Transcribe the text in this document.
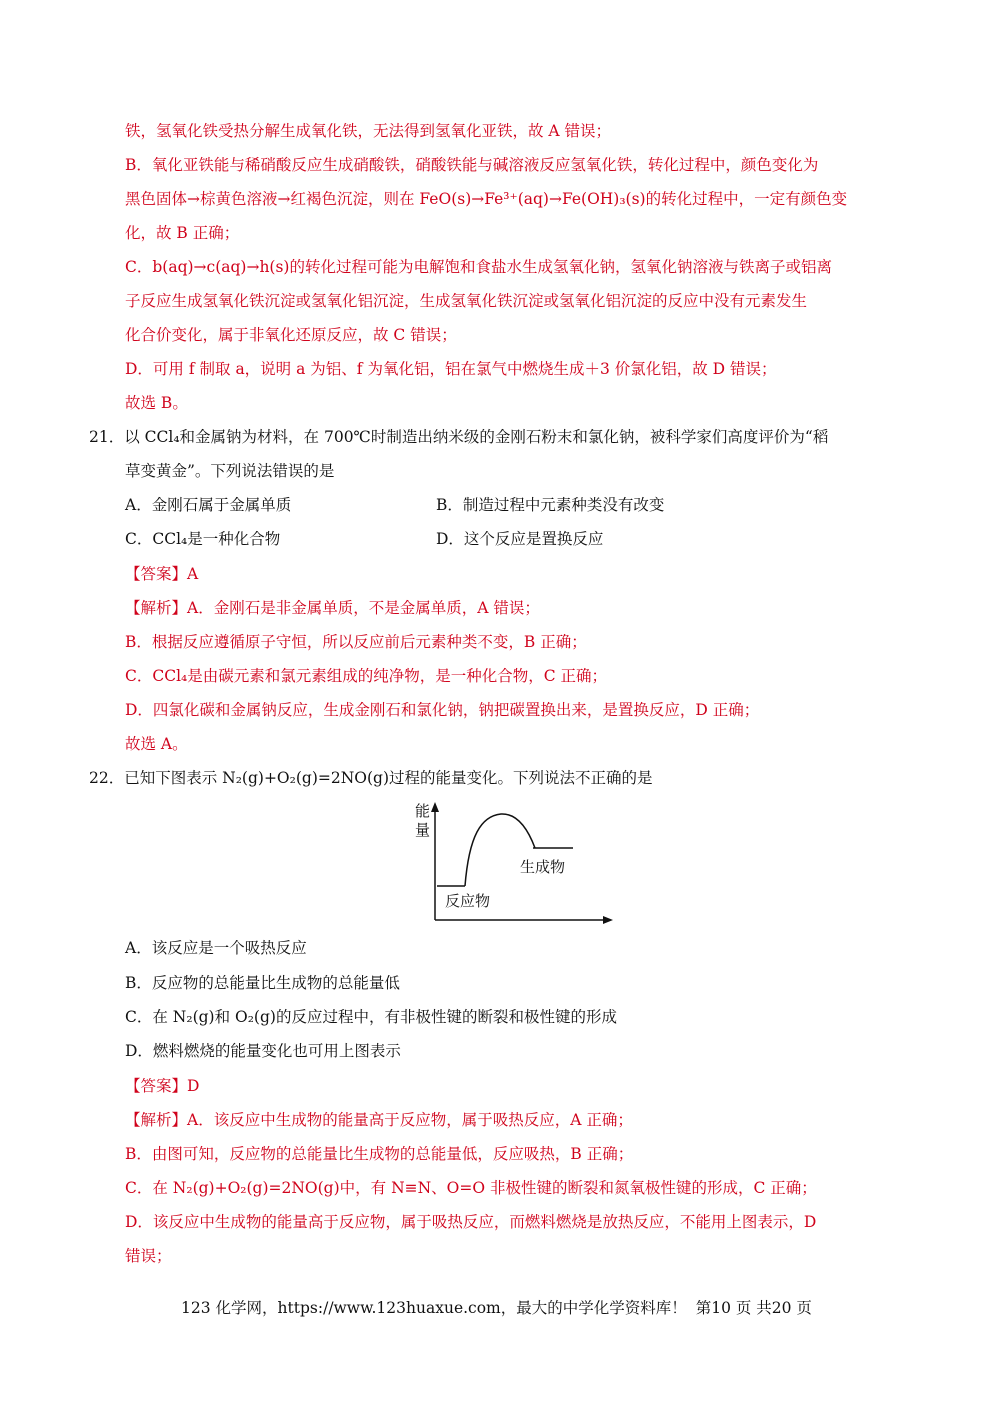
铁，氢氧化铁受热分解生成氧化铁，无法得到氢氧化亚铁，故 A 错误；
B．氧化亚铁能与稀硝酸反应生成硝酸铁，硝酸铁能与碱溶液反应氢氧化铁，转化过程中，颜色变化为
黑色固体→棕黄色溶液→红褐色沉淀，则在 FeO(s)→Fe³⁺(aq)→Fe(OH)₃(s)的转化过程中，一定有颜色变
化，故 B 正确；
C．b(aq)→c(aq)→h(s)的转化过程可能为电解饱和食盐水生成氢氧化钠，氢氧化钠溶液与铁离子或铝离
子反应生成氢氧化铁沉淀或氢氧化铝沉淀，生成氢氧化铁沉淀或氢氧化铝沉淀的反应中没有元素发生
化合价变化，属于非氧化还原反应，故 C 错误；
D．可用 f 制取 a，说明 a 为铝、f 为氧化铝，铝在氯气中燃烧生成＋3 价氯化铝，故 D 错误；
故选 B。
21．以 CCl₄和金属钠为材料，在 700℃时制造出纳米级的金刚石粉末和氯化钠，被科学家们高度评价为“稻
草变黄金”。下列说法错误的是
A．金刚石属于金属单质	B．制造过程中元素种类没有改变
C．CCl₄是一种化合物	D．这个反应是置换反应
【答案】A
【解析】A．金刚石是非金属单质，不是金属单质，A 错误；
B．根据反应遵循原子守恒，所以反应前后元素种类不变，B 正确；
C．CCl₄是由碳元素和氯元素组成的纯净物，是一种化合物，C 正确；
D．四氯化碳和金属钠反应，生成金刚石和氯化钠，钠把碳置换出来，是置换反应，D 正确；
故选 A。
22．已知下图表示 N₂(g)+O₂(g)=2NO(g)过程的能量变化。下列说法不正确的是
能
量
生成物
反应物
A．该反应是一个吸热反应
B．反应物的总能量比生成物的总能量低
C．在 N₂(g)和 O₂(g)的反应过程中，有非极性键的断裂和极性键的形成
D．燃料燃烧的能量变化也可用上图表示
【答案】D
【解析】A．该反应中生成物的能量高于反应物，属于吸热反应，A 正确；
B．由图可知，反应物的总能量比生成物的总能量低，反应吸热，B 正确；
C．在 N₂(g)+O₂(g)=2NO(g)中，有 N≡N、O=O 非极性键的断裂和氮氧极性键的形成，C 正确；
D．该反应中生成物的能量高于反应物，属于吸热反应，而燃料燃烧是放热反应，不能用上图表示，D
错误；
123 化学网，https://www.123huaxue.com，最大的中学化学资料库！ 第10 页 共20 页
